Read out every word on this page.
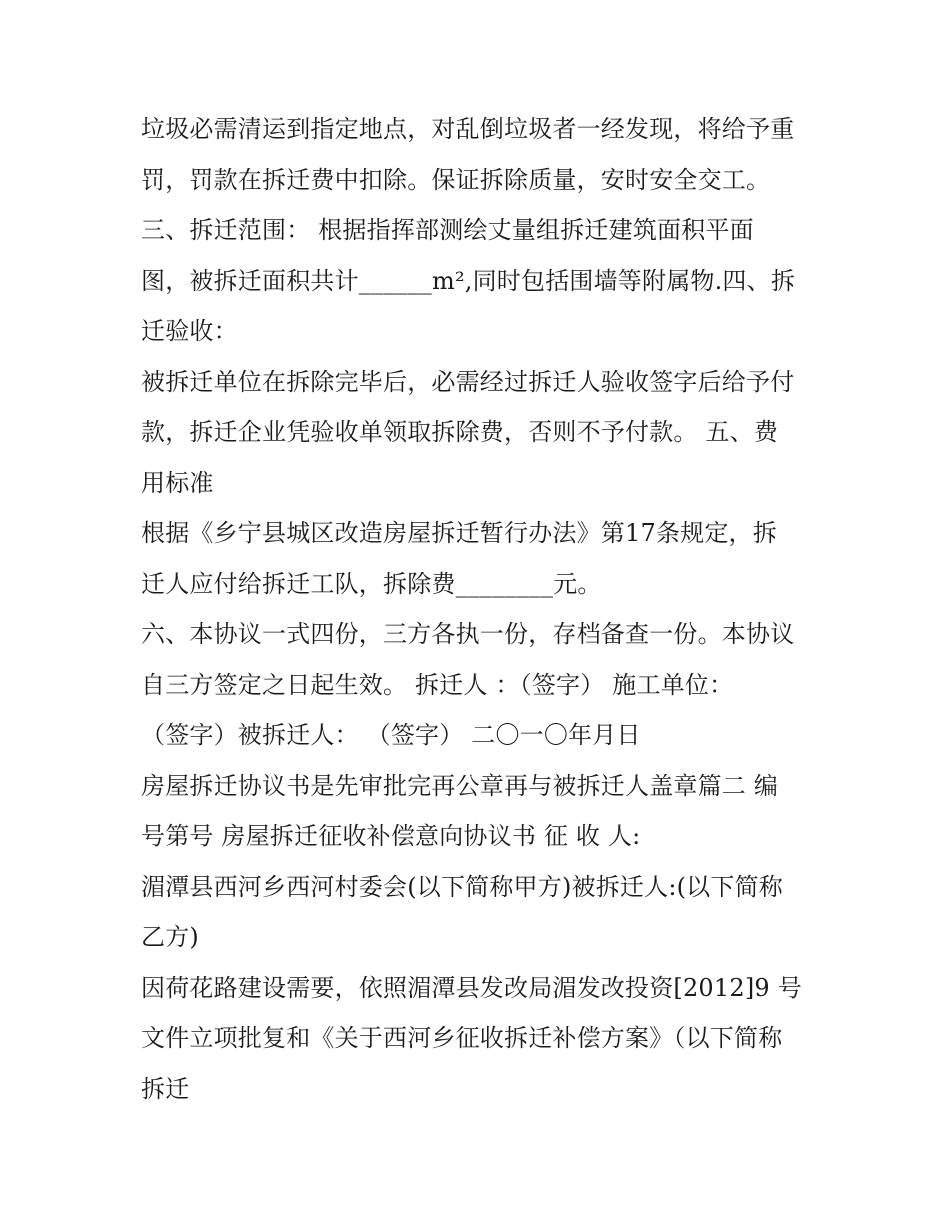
垃圾必需清运到指定地点，对乱倒垃圾者一经发现，将给予重
罚，罚款在拆迁费中扣除。保证拆除质量，安时安全交工。
三、拆迁范围： 根据指挥部测绘丈量组拆迁建筑面积平面
图，被拆迁面积共计______m²,同时包括围墙等附属物.四、拆
迁验收：
被拆迁单位在拆除完毕后，必需经过拆迁人验收签字后给予付
款，拆迁企业凭验收单领取拆除费，否则不予付款。 五、费
用标准
根据《乡宁县城区改造房屋拆迁暂行办法》第17条规定，拆
迁人应付给拆迁工队，拆除费________元。
六、本协议一式四份，三方各执一份，存档备查一份。本协议
自三方签定之日起生效。 拆迁人 ：（签字） 施工单位：
（签字）被拆迁人： （签字） 二〇一〇年月日
房屋拆迁协议书是先审批完再公章再与被拆迁人盖章篇二 编
号第号 房屋拆迁征收补偿意向协议书 征 收 人:
湄潭县西河乡西河村委会(以下简称甲方)被拆迁人:(以下简称
乙方)
因荷花路建设需要，依照湄潭县发改局湄发改投资[2012]9 号
文件立项批复和《关于西河乡征收拆迁补偿方案》（以下简称
拆迁
